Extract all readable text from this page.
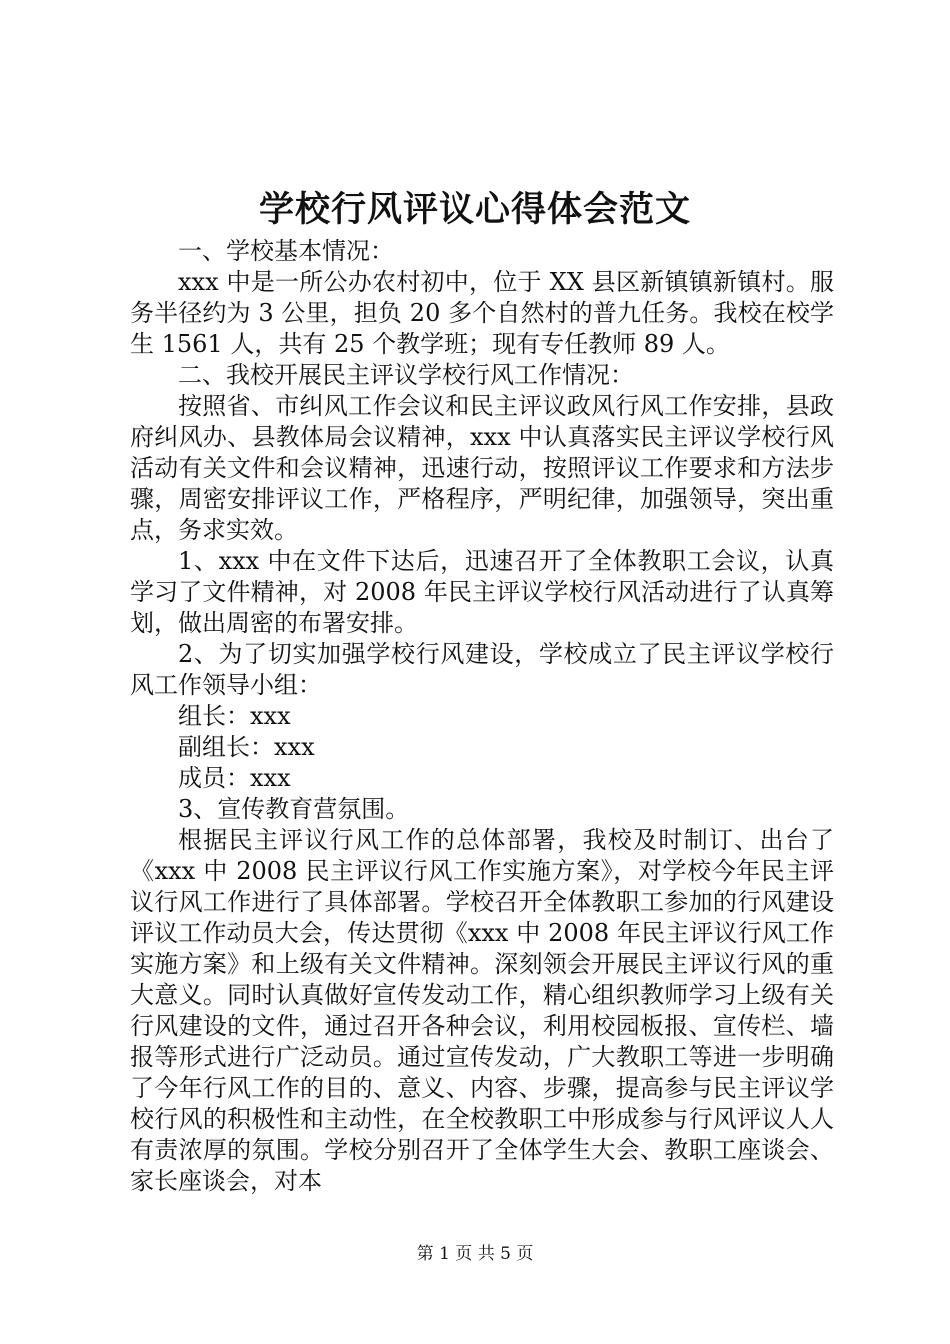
学校行风评议心得体会范文

一、学校基本情况：

xxx 中是一所公办农村初中，位于 XX 县区新镇镇新镇村。服务半径约为 3 公里，担负 20 多个自然村的普九任务。我校在校学生 1561 人，共有 25 个教学班；现有专任教师 89 人。

二、我校开展民主评议学校行风工作情况：

按照省、市纠风工作会议和民主评议政风行风工作安排，县政府纠风办、县教体局会议精神，xxx 中认真落实民主评议学校行风活动有关文件和会议精神，迅速行动，按照评议工作要求和方法步骤，周密安排评议工作，严格程序，严明纪律，加强领导，突出重点，务求实效。

1、xxx 中在文件下达后，迅速召开了全体教职工会议，认真学习了文件精神，对 2008 年民主评议学校行风活动进行了认真筹划，做出周密的布署安排。

2、为了切实加强学校行风建设，学校成立了民主评议学校行风工作领导小组：

组长：xxx

副组长：xxx

成员：xxx

3、宣传教育营氛围。

根据民主评议行风工作的总体部署，我校及时制订、出台了《xxx 中 2008 民主评议行风工作实施方案》，对学校今年民主评议行风工作进行了具体部署。学校召开全体教职工参加的行风建设评议工作动员大会，传达贯彻《xxx 中 2008 年民主评议行风工作实施方案》和上级有关文件精神。深刻领会开展民主评议行风的重大意义。同时认真做好宣传发动工作，精心组织教师学习上级有关行风建设的文件，通过召开各种会议，利用校园板报、宣传栏、墙报等形式进行广泛动员。通过宣传发动，广大教职工等进一步明确了今年行风工作的目的、意义、内容、步骤，提高参与民主评议学校行风的积极性和主动性，在全校教职工中形成参与行风评议人人有责浓厚的氛围。学校分别召开了全体学生大会、教职工座谈会、家长座谈会，对本

第 1 页 共 5 页
